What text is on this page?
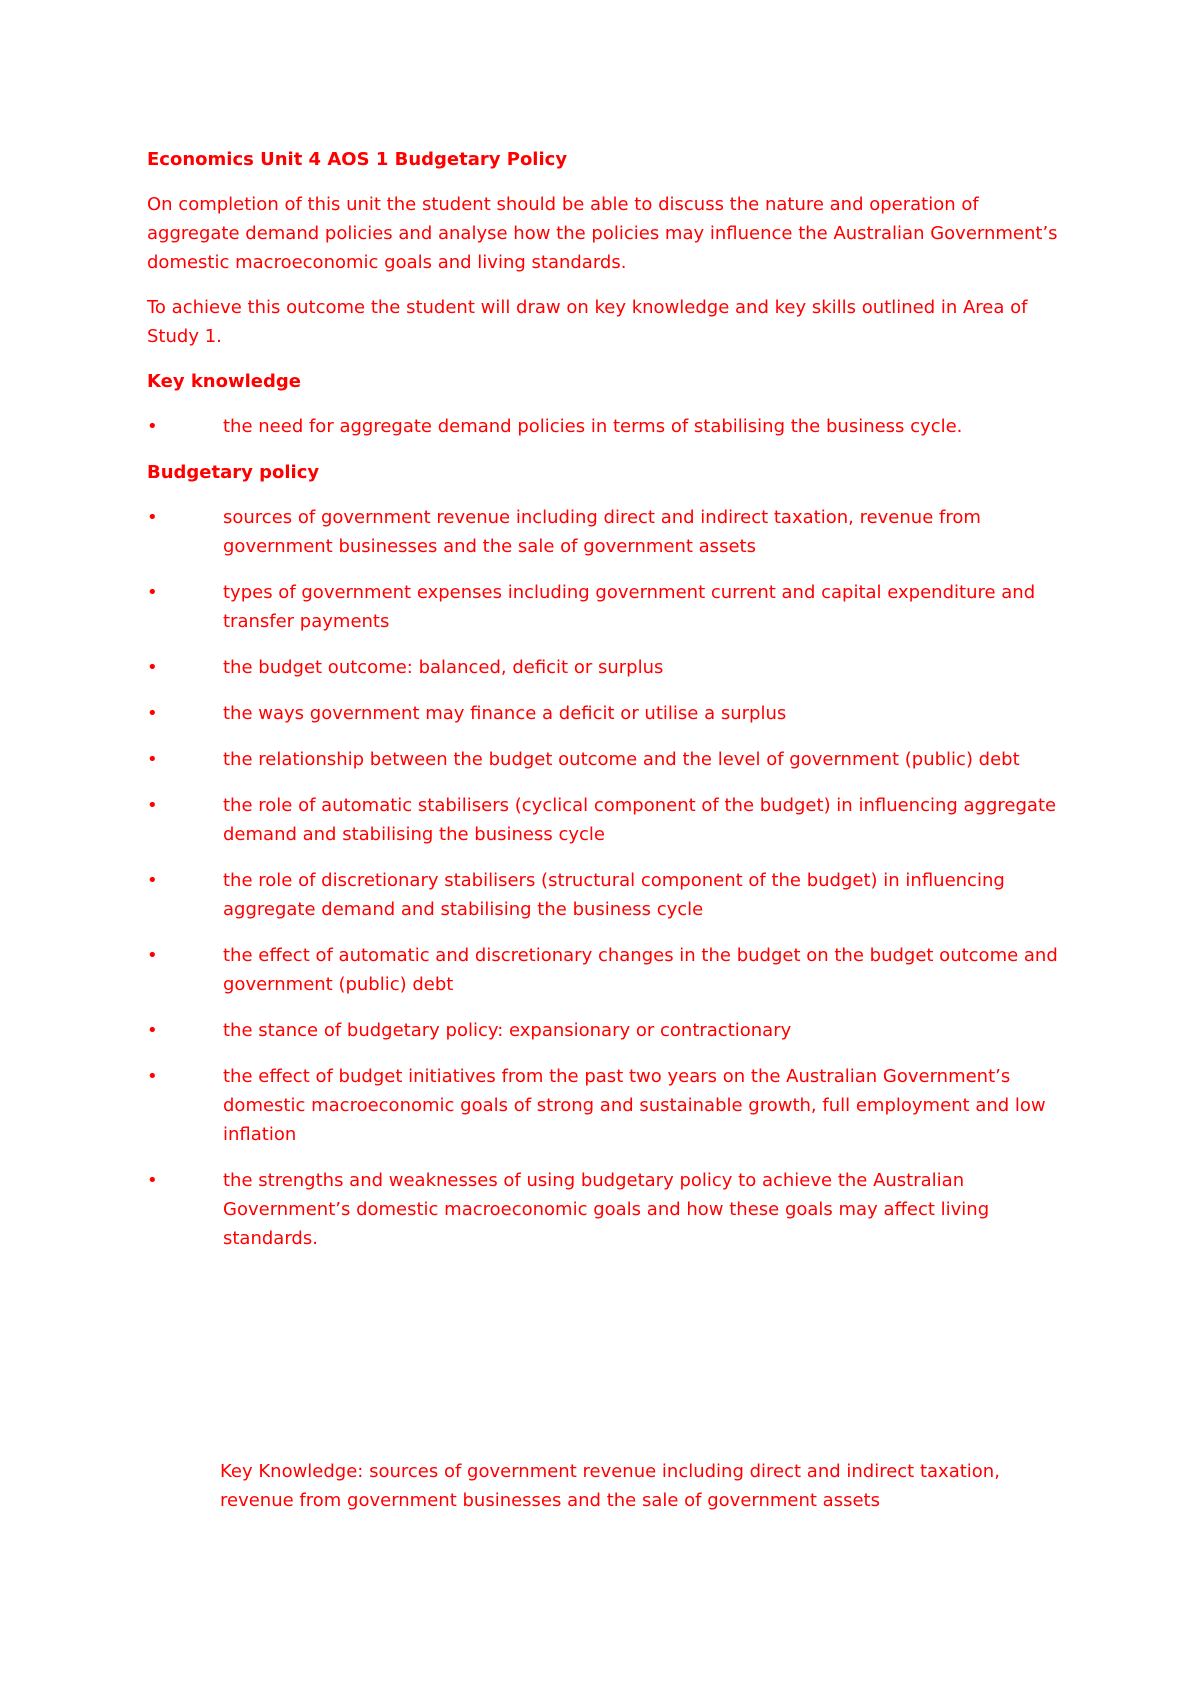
Economics Unit 4 AOS 1 Budgetary Policy
On completion of this unit the student should be able to discuss the nature and operation of aggregate demand policies and analyse how the policies may influence the Australian Government’s domestic macroeconomic goals and living standards.
To achieve this outcome the student will draw on key knowledge and key skills outlined in Area of Study 1.
Key knowledge
•	the need for aggregate demand policies in terms of stabilising the business cycle.
Budgetary policy
•	sources of government revenue including direct and indirect taxation, revenue from government businesses and the sale of government assets
•	types of government expenses including government current and capital expenditure and transfer payments
•	the budget outcome: balanced, deficit or surplus
•	the ways government may finance a deficit or utilise a surplus
•	the relationship between the budget outcome and the level of government (public) debt
•	the role of automatic stabilisers (cyclical component of the budget) in influencing aggregate demand and stabilising the business cycle
•	the role of discretionary stabilisers (structural component of the budget) in influencing aggregate demand and stabilising the business cycle
•	the effect of automatic and discretionary changes in the budget on the budget outcome and government (public) debt
•	the stance of budgetary policy: expansionary or contractionary
•	the effect of budget initiatives from the past two years on the Australian Government’s domestic macroeconomic goals of strong and sustainable growth, full employment and low inflation
•	the strengths and weaknesses of using budgetary policy to achieve the Australian Government’s domestic macroeconomic goals and how these goals may affect living standards.
Key Knowledge: sources of government revenue including direct and indirect taxation, revenue from government businesses and the sale of government assets
